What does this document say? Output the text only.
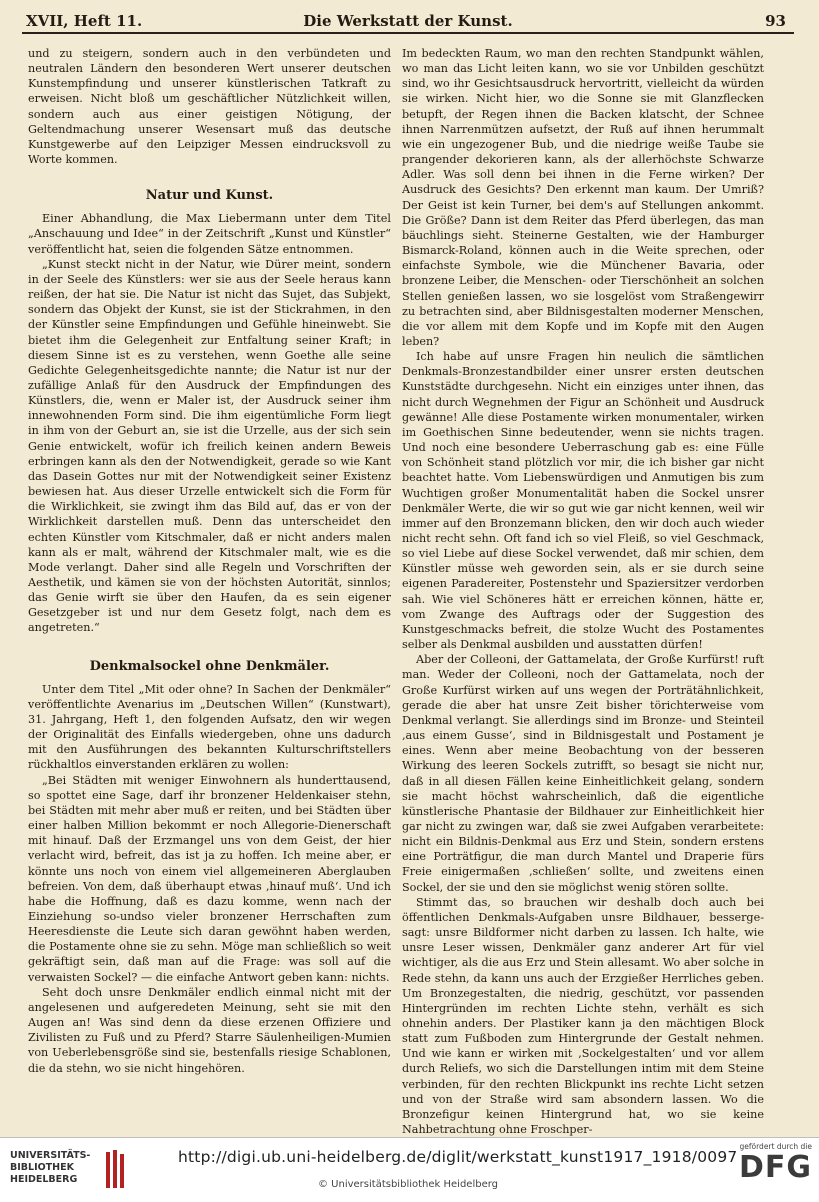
XVII, Heft 11.	Die Werkstatt der Kunst.	93

und zu steigern, sondern auch in den verbündeten und neutralen Ländern den besonderen Wert unserer deutschen Kunstempfindung und unserer künstlerischen Tatkraft zu erweisen. Nicht bloß um geschäftlicher Nützlichkeit willen, sondern auch aus einer geistigen Nötigung, der Geltendmachung unserer Wesensart muß das deutsche Kunstgewerbe auf den Leipziger Messen eindrucksvoll zu Worte kommen.

Natur und Kunst.

Einer Abhandlung, die Max Liebermann unter dem Titel „Anschauung und Idee“ in der Zeitschrift „Kunst und Künstler“ veröffentlicht hat, seien die folgenden Sätze entnommen.

„Kunst steckt nicht in der Natur, wie Dürer meint, sondern in der Seele des Künstlers: wer sie aus der Seele heraus kann reißen, der hat sie. Die Natur ist nicht das Sujet, das Subjekt, sondern das Objekt der Kunst, sie ist der Stickrahmen, in den der Künstler seine Empfindungen und Gefühle hineinwebt. Sie bietet ihm die Gelegenheit zur Entfaltung seiner Kraft; in diesem Sinne ist es zu verstehen, wenn Goethe alle seine Gedichte Gelegenheitsgedichte nannte; die Natur ist nur der zufällige Anlaß für den Ausdruck der Empfindungen des Künstlers, die, wenn er Maler ist, der Ausdruck seiner ihm innewohnenden Form sind. Die ihm eigentümliche Form liegt in ihm von der Geburt an, sie ist die Urzelle, aus der sich sein Genie entwickelt, wofür ich freilich keinen andern Beweis erbringen kann als den der Notwendigkeit, gerade so wie Kant das Dasein Gottes nur mit der Notwendigkeit seiner Existenz bewiesen hat. Aus dieser Urzelle entwickelt sich die Form für die Wirklichkeit, sie zwingt ihm das Bild auf, das er von der Wirklichkeit darstellen muß. Denn das unterscheidet den echten Künstler vom Kitschmaler, daß er nicht anders malen kann als er malt, während der Kitschmaler malt, wie es die Mode verlangt. Daher sind alle Regeln und Vorschriften der Aesthetik, und kämen sie von der höchsten Autorität, sinnlos; das Genie wirft sie über den Haufen, da es sein eigener Gesetzgeber ist und nur dem Gesetz folgt, nach dem es angetreten.“

Denkmalsockel ohne Denkmäler.

Unter dem Titel „Mit oder ohne? In Sachen der Denkmäler“ veröffentlichte Avenarius im „Deutschen Willen“ (Kunstwart), 31. Jahrgang, Heft 1, den folgenden Aufsatz, den wir wegen der Originalität des Einfalls wiedergeben, ohne uns dadurch mit den Ausführungen des bekannten Kulturschriftstellers rückhaltlos einverstanden erklären zu wollen:

„Bei Städten mit weniger Einwohnern als hunderttausend, so spottet eine Sage, darf ihr bronzener Heldenkaiser stehn, bei Städten mit mehr aber muß er reiten, und bei Städten über einer halben Million bekommt er noch Allegorie-Dienerschaft mit hinauf. Daß der Erzmangel uns von dem Geist, der hier verlacht wird, befreit, das ist ja zu hoffen. Ich meine aber, er könnte uns noch von einem viel allgemeineren Aberglauben befreien. Von dem, daß überhaupt etwas ‚hinauf muß‘. Und ich habe die Hoffnung, daß es dazu komme, wenn nach der Einziehung so-undso vieler bronzener Herrschaften zum Heeresdienste die Leute sich daran gewöhnt haben werden, die Postamente ohne sie zu sehn. Möge man schließlich so weit gekräftigt sein, daß man auf die Frage: was soll auf die verwaisten Sockel? — die einfache Antwort geben kann: nichts.

Seht doch unsre Denkmäler endlich einmal nicht mit der angelesenen und aufgeredeten Meinung, seht sie mit den Augen an! Was sind denn da diese erzenen Offiziere und Zivilisten zu Fuß und zu Pferd? Starre Säulenheiligen-Mumien von Ueberlebensgröße sind sie, bestenfalls riesige Schablonen, die da stehn, wo sie nicht hingehören.

Im bedeckten Raum, wo man den rechten Standpunkt wählen, wo man das Licht leiten kann, wo sie vor Unbilden geschützt sind, wo ihr Gesichtsausdruck hervortritt, vielleicht da würden sie wirken. Nicht hier, wo die Sonne sie mit Glanzflecken betupft, der Regen ihnen die Backen klatscht, der Schnee ihnen Narrenmützen aufsetzt, der Ruß auf ihnen herummalt wie ein ungezogener Bub, und die niedrige weiße Taube sie prangender dekorieren kann, als der allerhöchste Schwarze Adler. Was soll denn bei ihnen in die Ferne wirken? Der Ausdruck des Gesichts? Den erkennt man kaum. Der Umriß? Der Geist ist kein Turner, bei dem's auf Stellungen ankommt. Die Größe? Dann ist dem Reiter das Pferd überlegen, das man bäuchlings sieht. Steinerne Gestalten, wie der Hamburger Bismarck-Roland, können auch in die Weite sprechen, oder einfachste Symbole, wie die Münchener Bavaria, oder bronzene Leiber, die Menschen- oder Tierschönheit an solchen Stellen genießen lassen, wo sie losgelöst vom Straßengewirr zu betrachten sind, aber Bildnisgestalten moderner Menschen, die vor allem mit dem Kopfe und im Kopfe mit den Augen leben?

Ich habe auf unsre Fragen hin neulich die sämtlichen Denkmals-Bronzestandbilder einer unsrer ersten deutschen Kunststädte durchgesehn. Nicht ein einziges unter ihnen, das nicht durch Wegnehmen der Figur an Schönheit und Ausdruck gewänne! Alle diese Postamente wirken monumentaler, wirken im Goethischen Sinne bedeutender, wenn sie nichts tragen. Und noch eine besondere Ueberraschung gab es: eine Fülle von Schönheit stand plötzlich vor mir, die ich bisher gar nicht beachtet hatte. Vom Liebenswürdigen und Anmutigen bis zum Wuchtigen großer Monumentalität haben die Sockel unsrer Denkmäler Werte, die wir so gut wie gar nicht kennen, weil wir immer auf den Bronzemann blicken, den wir doch auch wieder nicht recht sehn. Oft fand ich so viel Fleiß, so viel Geschmack, so viel Liebe auf diese Sockel verwendet, daß mir schien, dem Künstler müsse weh geworden sein, als er sie durch seine eigenen Paradereiter, Postenstehr und Spaziersitzer verdorben sah. Wie viel Schöneres hätt er erreichen können, hätte er, vom Zwange des Auftrags oder der Suggestion des Kunstgeschmacks befreit, die stolze Wucht des Postamentes selber als Denkmal ausbilden und ausstatten dürfen!

Aber der Colleoni, der Gattamelata, der Große Kurfürst! ruft man. Weder der Colleoni, noch der Gattamelata, noch der Große Kurfürst wirken auf uns wegen der Porträtähnlichkeit, gerade die aber hat unsre Zeit bisher törichterweise vom Denkmal verlangt. Sie allerdings sind im Bronze- und Steinteil ‚aus einem Gusse‘, sind in Bildnisgestalt und Postament je eines. Wenn aber meine Beobachtung von der besseren Wirkung des leeren Sockels zutrifft, so besagt sie nicht nur, daß in all diesen Fällen keine Einheitlichkeit gelang, sondern sie macht höchst wahrscheinlich, daß die eigentliche künstlerische Phantasie der Bildhauer zur Einheitlichkeit hier gar nicht zu zwingen war, daß sie zwei Aufgaben verarbeitete: nicht ein Bildnis-Denkmal aus Erz und Stein, sondern erstens eine Porträtfigur, die man durch Mantel und Draperie fürs Freie einigermaßen ‚schließen‘ sollte, und zweitens einen Sockel, der sie und den sie möglichst wenig stören sollte.

Stimmt das, so brauchen wir deshalb doch auch bei öffentlichen Denkmals-Aufgaben unsre Bildhauer, besserge-sagt: unsre Bildformer nicht darben zu lassen. Ich halte, wie unsre Leser wissen, Denkmäler ganz anderer Art für viel wichtiger, als die aus Erz und Stein allesamt. Wo aber solche in Rede stehn, da kann uns auch der Erzgießer Herrliches geben. Um Bronzegestalten, die niedrig, geschützt, vor passenden Hintergründen im rechten Lichte stehn, verhält es sich ohnehin anders. Der Plastiker kann ja den mächtigen Block statt zum Fußboden zum Hintergrunde der Gestalt nehmen. Und wie kann er wirken mit ‚Sockelgestalten‘ und vor allem durch Reliefs, wo sich die Darstellungen intim mit dem Steine verbinden, für den rechten Blickpunkt ins rechte Licht setzen und von der Straße wird sam absondern lassen. Wo die Bronzefigur keinen Hintergrund hat, wo sie keine Nahbetrachtung ohne Froschper-

UNIVERSITÄTS-
BIBLIOTHEK
HEIDELBERG
http://digi.ub.uni-heidelberg.de/diglit/werkstatt_kunst1917_1918/0097
© Universitätsbibliothek Heidelberg
gefördert durch die
DFG
